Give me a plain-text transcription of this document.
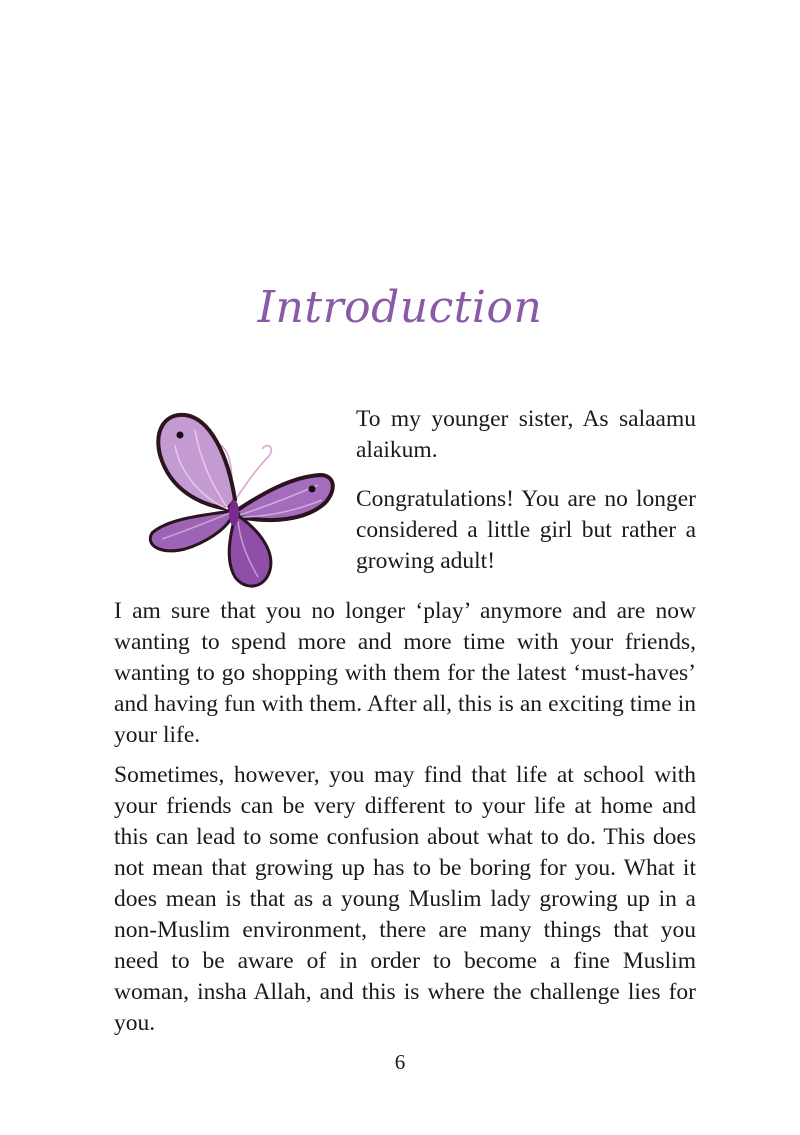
Introduction

To my younger sister, As salaamu alaikum.

Congratulations! You are no longer considered a little girl but rather a growing adult!

I am sure that you no longer ‘play’ anymore and are now wanting to spend more and more time with your friends, wanting to go shopping with them for the latest ‘must-haves’ and having fun with them. After all, this is an exciting time in your life.

Sometimes, however, you may find that life at school with your friends can be very different to your life at home and this can lead to some confusion about what to do. This does not mean that growing up has to be boring for you. What it does mean is that as a young Muslim lady growing up in a non-Muslim environment, there are many things that you need to be aware of in order to become a fine Muslim woman, insha Allah, and this is where the challenge lies for you.

6
